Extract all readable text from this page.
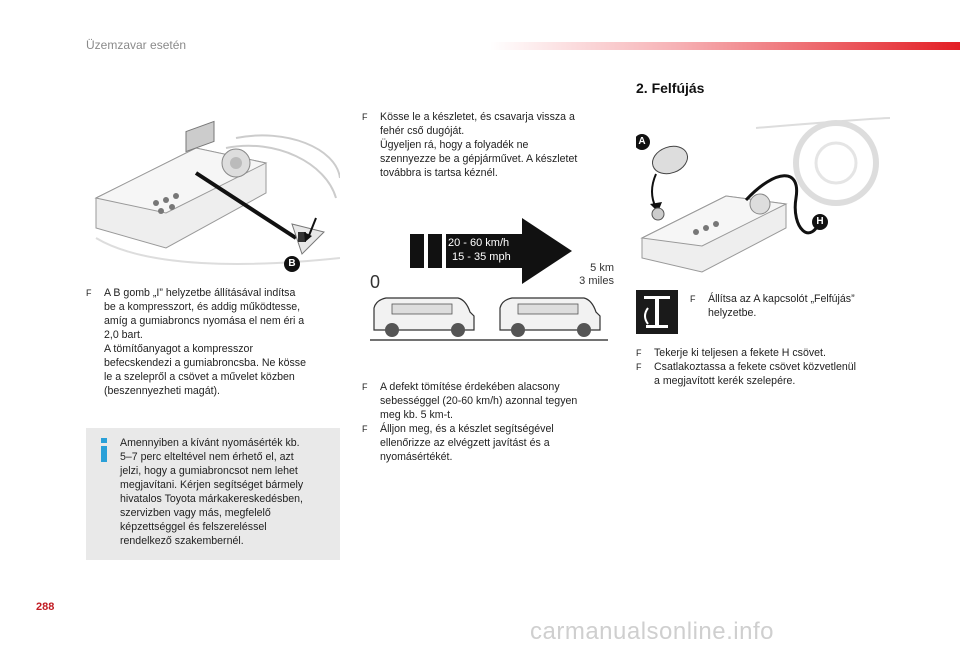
Üzemzavar esetén
B
F	A B gomb „I” helyzetbe állításával indítsa
be a kompresszort, és addig működtesse,
amíg a gumiabroncs nyomása el nem éri a
2,0 bart.
A tömítőanyagot a kompresszor
befecskendezi a gumiabroncsba. Ne kösse
le a szelepről a csövet a művelet közben
(beszennyezheti magát).
Amennyiben a kívánt nyomásérték kb.
5–7 perc elteltével nem érhető el, azt
jelzi, hogy a gumiabroncsot nem lehet
megjavítani. Kérjen segítséget bármely
hivatalos Toyota márkakereskedésben,
szervizben vagy más, megfelelő
képzettséggel és felszereléssel
rendelkező szakembernél.
F	Kösse le a készletet, és csavarja vissza a
fehér cső dugóját.
Ügyeljen rá, hogy a folyadék ne
szennyezze be a gépjárművet. A készletet
továbbra is tartsa kéznél.
20 - 60 km/h
15 - 35 mph
0
5 km
3 miles
F	A defekt tömítése érdekében alacsony
sebességgel (20-60 km/h) azonnal tegyen
meg kb. 5 km-t.
F	Álljon meg, és a készlet segítségével
ellenőrizze az elvégzett javítást és a
nyomásértékét.
2. Felfújás
A
H
F	Állítsa az A kapcsolót „Felfújás”
helyzetbe.
F	Tekerje ki teljesen a fekete H csövet.
F	Csatlakoztassa a fekete csövet közvetlenül
a megjavított kerék szelepére.
288
carmanualsonline.info
